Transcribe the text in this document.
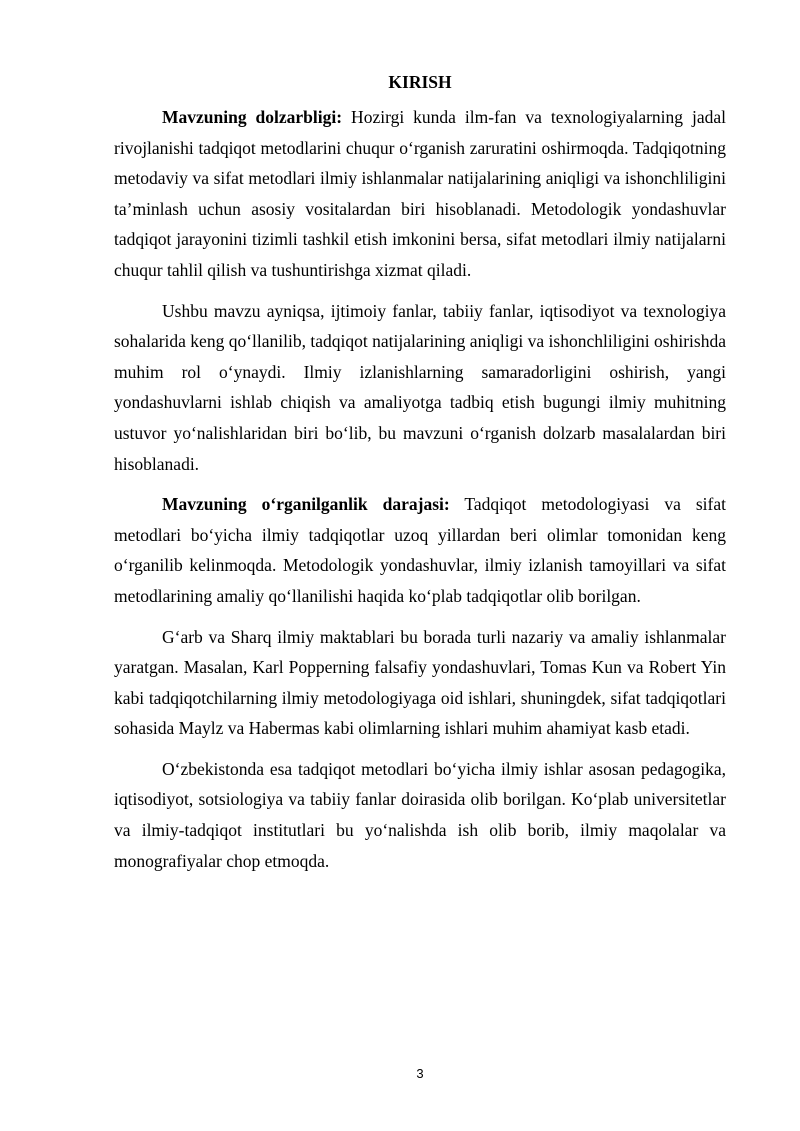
KIRISH

Mavzuning dolzarbligi: Hozirgi kunda ilm-fan va texnologiyalarning jadal rivojlanishi tadqiqot metodlarini chuqur o‘rganish zaruratini oshirmoqda. Tadqiqotning metodaviy va sifat metodlari ilmiy ishlanmalar natijalarining aniqligi va ishonchliligini ta’minlash uchun asosiy vositalardan biri hisoblanadi. Metodologik yondashuvlar tadqiqot jarayonini tizimli tashkil etish imkonini bersa, sifat metodlari ilmiy natijalarni chuqur tahlil qilish va tushuntirishga xizmat qiladi.

Ushbu mavzu ayniqsa, ijtimoiy fanlar, tabiiy fanlar, iqtisodiyot va texnologiya sohalarida keng qo‘llanilib, tadqiqot natijalarining aniqligi va ishonchliligini oshirishda muhim rol o‘ynaydi. Ilmiy izlanishlarning samaradorligini oshirish, yangi yondashuvlarni ishlab chiqish va amaliyotga tadbiq etish bugungi ilmiy muhitning ustuvor yo‘nalishlaridan biri bo‘lib, bu mavzuni o‘rganish dolzarb masalalardan biri hisoblanadi.

Mavzuning o‘rganilganlik darajasi: Tadqiqot metodologiyasi va sifat metodlari bo‘yicha ilmiy tadqiqotlar uzoq yillardan beri olimlar tomonidan keng o‘rganilib kelinmoqda. Metodologik yondashuvlar, ilmiy izlanish tamoyillari va sifat metodlarining amaliy qo‘llanilishi haqida ko‘plab tadqiqotlar olib borilgan.

G‘arb va Sharq ilmiy maktablari bu borada turli nazariy va amaliy ishlanmalar yaratgan. Masalan, Karl Popperning falsafiy yondashuvlari, Tomas Kun va Robert Yin kabi tadqiqotchilarning ilmiy metodologiyaga oid ishlari, shuningdek, sifat tadqiqotlari sohasida Maylz va Habermas kabi olimlarning ishlari muhim ahamiyat kasb etadi.

O‘zbekistonda esa tadqiqot metodlari bo‘yicha ilmiy ishlar asosan pedagogika, iqtisodiyot, sotsiologiya va tabiiy fanlar doirasida olib borilgan. Ko‘plab universitetlar va ilmiy-tadqiqot institutlari bu yo‘nalishda ish olib borib, ilmiy maqolalar va monografiyalar chop etmoqda.

3
